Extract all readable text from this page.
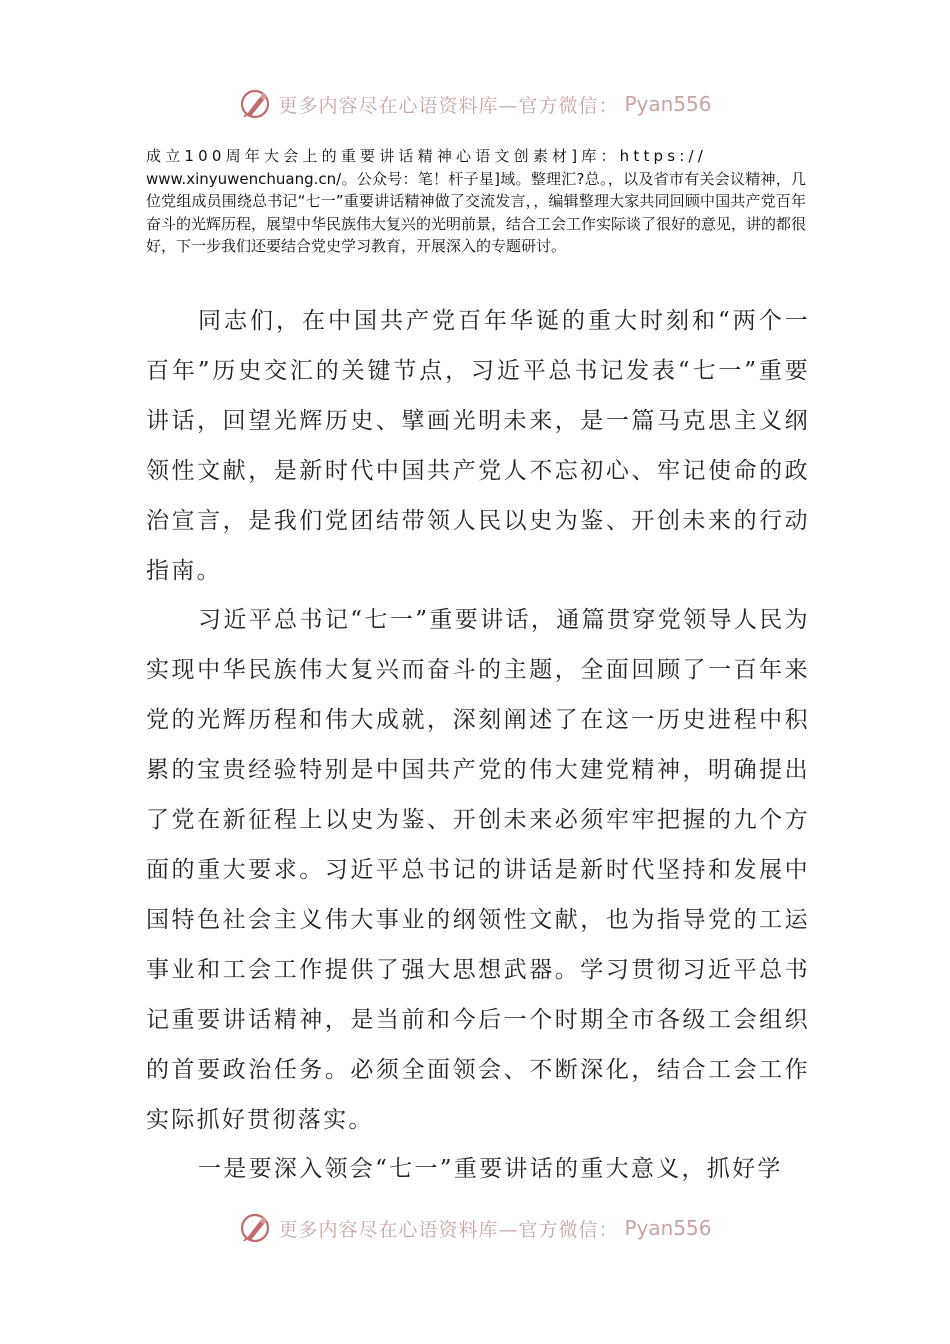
更多内容尽在心语资料库—官方微信： Pyan556
成立100周年大会上的重要讲话精神心语文创素材]库：https://
www.xinyuwenchuang.cn/。公众号：笔！杆子星]域。整理汇?总。，以及省市有关会议精神，几位党组成员围绕总书记“七一”重要讲话精神做了交流发言，，编辑整理大家共同回顾中国共产党百年奋斗的光辉历程，展望中华民族伟大复兴的光明前景，结合工会工作实际谈了很好的意见，讲的都很好，下一步我们还要结合党史学习教育，开展深入的专题研讨。

同志们，在中国共产党百年华诞的重大时刻和“两个一百年”历史交汇的关键节点，习近平总书记发表“七一”重要讲话，回望光辉历史、擘画光明未来，是一篇马克思主义纲领性文献，是新时代中国共产党人不忘初心、牢记使命的政治宣言，是我们党团结带领人民以史为鉴、开创未来的行动指南。

习近平总书记“七一”重要讲话，通篇贯穿党领导人民为实现中华民族伟大复兴而奋斗的主题，全面回顾了一百年来党的光辉历程和伟大成就，深刻阐述了在这一历史进程中积累的宝贵经验特别是中国共产党的伟大建党精神，明确提出了党在新征程上以史为鉴、开创未来必须牢牢把握的九个方面的重大要求。习近平总书记的讲话是新时代坚持和发展中国特色社会主义伟大事业的纲领性文献，也为指导党的工运事业和工会工作提供了强大思想武器。学习贯彻习近平总书记重要讲话精神，是当前和今后一个时期全市各级工会组织的首要政治任务。必须全面领会、不断深化，结合工会工作实际抓好贯彻落实。

一是要深入领会“七一”重要讲话的重大意义，抓好学

更多内容尽在心语资料库—官方微信： Pyan556
